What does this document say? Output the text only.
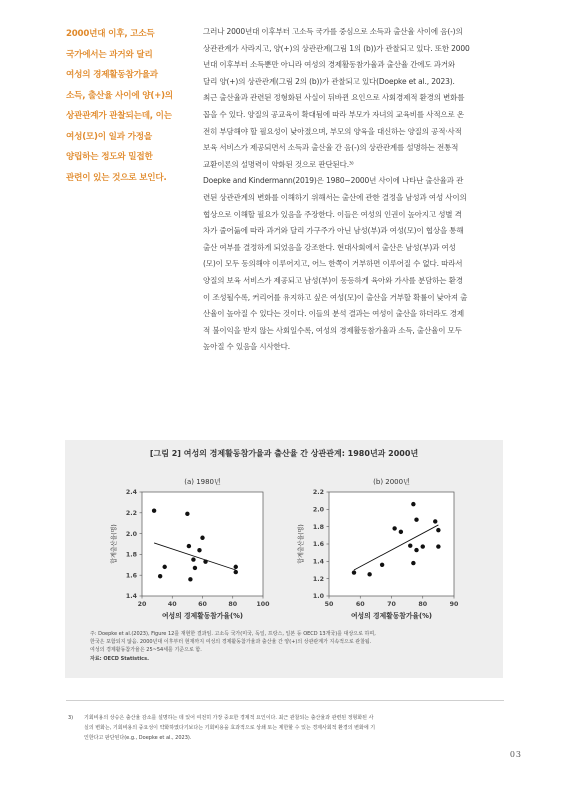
2000년대 이후, 고소득
국가에서는 과거와 달리
여성의 경제활동참가율과
소득, 출산율 사이에 양(+)의
상관관계가 관찰되는데, 이는
여성(모)이 일과 가정을
양립하는 정도와 밀접한
관련이 있는 것으로 보인다.

그러나 2000년대 이후부터 고소득 국가를 중심으로 소득과 출산율 사이에 음(-)의

상관관계가 사라지고, 양(+)의 상관관계(그림 1의 (b))가 관찰되고 있다. 또한 2000

년대 이후부터 소득뿐만 아니라 여성의 경제활동참가율과 출산율 간에도 과거와

달리 양(+)의 상관관계(그림 2의 (b))가 관찰되고 있다(Doepke et al., 2023).

최근 출산율과 관련된 정형화된 사실이 뒤바뀐 요인으로 사회경제적 환경의 변화를

꼽을 수 있다. 양질의 공교육이 확대됨에 따라 부모가 자녀의 교육비를 사적으로 온

전히 부담해야 할 필요성이 낮아졌으며, 부모의 양육을 대신하는 양질의 공적·사적

보육 서비스가 제공되면서 소득과 출산율 간 음(-)의 상관관계를 설명하는 전통적

교환이론의 설명력이 약화된 것으로 판단된다.³⁾

Doepke and Kindermann(2019)은 1980~2000년 사이에 나타난 출산율과 관

련된 상관관계의 변화를 이해하기 위해서는 출산에 관한 결정을 남성과 여성 사이의

협상으로 이해할 필요가 있음을 주장한다. 이들은 여성의 인권이 높아지고 성별 격

차가 줄어듦에 따라 과거와 달리 가구주가 아닌 남성(부)과 여성(모)이 협상을 통해

출산 여부를 결정하게 되었음을 강조한다. 현대사회에서 출산은 남성(부)과 여성

(모)이 모두 동의해야 이루어지고, 어느 한쪽이 거부하면 이루어질 수 없다. 따라서

양질의 보육 서비스가 제공되고 남성(부)이 동등하게 육아와 가사를 분담하는 환경

이 조성될수록, 커리어를 유지하고 싶은 여성(모)이 출산을 거부할 확률이 낮아져 출

산율이 높아질 수 있다는 것이다. 이들의 분석 결과는 여성이 출산을 하더라도 경제

적 불이익을 받지 않는 사회일수록, 여성의 경제활동참가율과 소득, 출산율이 모두

높아질 수 있음을 시사한다.

[그림 2] 여성의 경제활동참가율과 출산율 간 상관관계: 1980년과 2000년
(a) 1980년
20	40	60	80	100
1.4
1.6
1.8
2.0
2.2
2.4
여성의 경제활동참가율(%)
합계출산율(명)
(b) 2000년
50	60	70	80	90
1.0
1.2
1.4
1.6
1.8
2.0
2.2
여성의 경제활동참가율(%)
합계출산율(명)
주: Doepke et al.(2023), Figure 12를 재현한 결과임. 고소득 국가(미국, 독일, 프랑스, 일본 등 OECD 13개국)를 대상으로 하며,
한국은 포함되지 않음. 2000년대 이후부터 현재까지 여성의 경제활동참가율과 출산율 간 양(+)의 상관관계가 지속적으로 관찰됨.
여성의 경제활동참가율은 25~54세를 기준으로 함.
자료: OECD Statistics.
3) 기회비용의 상승은 출산율 감소를 설명하는 데 있어 여전히 가장 중요한 경제적 요인이다. 최근 관찰되는 출산율과 관련된 정형화된 사
실의 변화는, 기회비용의 중요성이 약화하였다기보다는 기회비용을 효과적으로 상쇄 또는 제한할 수 있는 경제사회적 환경의 변화에 기
인한다고 판단된다(e.g., Doepke et al., 2023).
03
